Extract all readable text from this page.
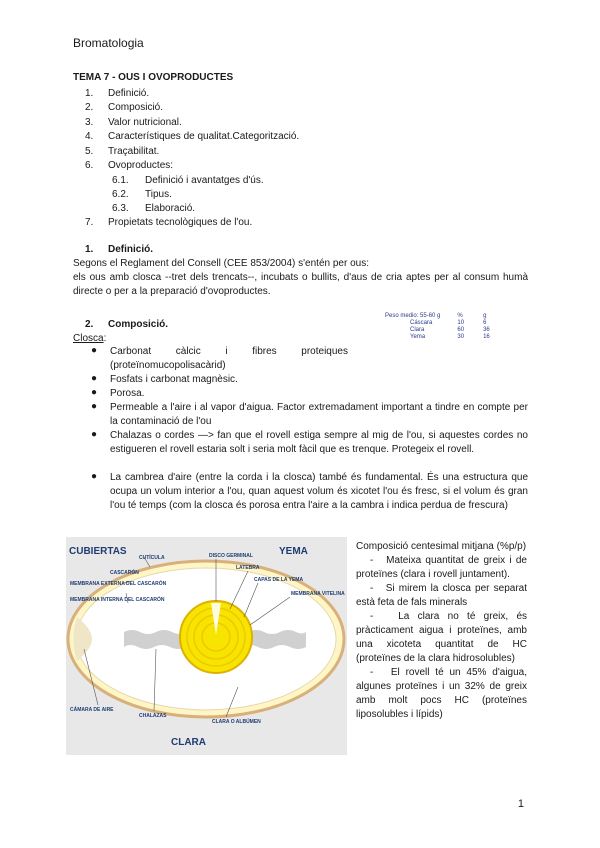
Bromatologia
TEMA 7 - OUS I OVOPRODUCTES
1. Definició.
2. Composició.
3. Valor nutricional.
4. Característiques de qualitat.Categorització.
5. Traçabilitat.
6. Ovoproductes:
6.1. Definició i avantatges d'ús.
6.2. Tipus.
6.3. Elaboració.
7. Propietats tecnològiques de l'ou.
1. Definició.
Segons el Reglament del Consell (CEE 853/2004) s'entén per ous:
els ous amb closca --tret dels trencats--, incubats o bullits, d'aus de cria aptes per al consum humà directe o per a la preparació d'ovoproductes.
2. Composició.
Closca:
Peso medio: 55-60 g	%	g
Cáscara	10	6
Clara	60	36
Yema	30	16
● Carbonat càlcic i fibres proteiques (proteïnomucopolisacàrid)
● Fosfats i carbonat magnèsic.
● Porosa.
● Permeable a l'aire i al vapor d'aigua. Factor extremadament important a tindre en compte per la contaminació de l'ou
● Chalazas o cordes —> fan que el rovell estiga sempre al mig de l'ou, si aquestes cordes no estigueren el rovell estaria solt i seria molt fàcil que es trenque. Protegeix el rovell.
● La cambrea d'aire (entre la corda i la closca) també és fundamental. És una estructura que ocupa un volum interior a l'ou, quan aquest volum és xicotet l'ou és fresc, si el volum és gran l'ou té temps (com la closca és porosa entra l'aire a la cambra i indica perdua de frescura)
CUBIERTAS	YEMA
CLARA
CUTÍCULA
CASCARÓN
MEMBRANA EXTERNA DEL CASCARÓN
MEMBRANA INTERNA DEL CASCARÓN
DISCO GERMINAL
LATEBRA
CAPAS DE LA YEMA
MEMBRANA VITELINA
CÁMARA DE AIRE
CHALAZAS
CLARA O ALBÚMEN

Composició centesimal mitjana (%p/p)

-   Mateixa quantitat de greix i de proteïnes (clara i rovell juntament).

-   Si mirem la closca per separat està feta de fals minerals

-   La clara no té greix, és pràcticament aigua i proteïnes, amb una xicoteta quantitat de HC (proteïnes de la clara hidrosolubles)

-   El rovell té un 45% d'aigua, algunes proteïnes i un 32% de greix amb molt pocs HC (proteïnes liposolubles i lípids)

1
